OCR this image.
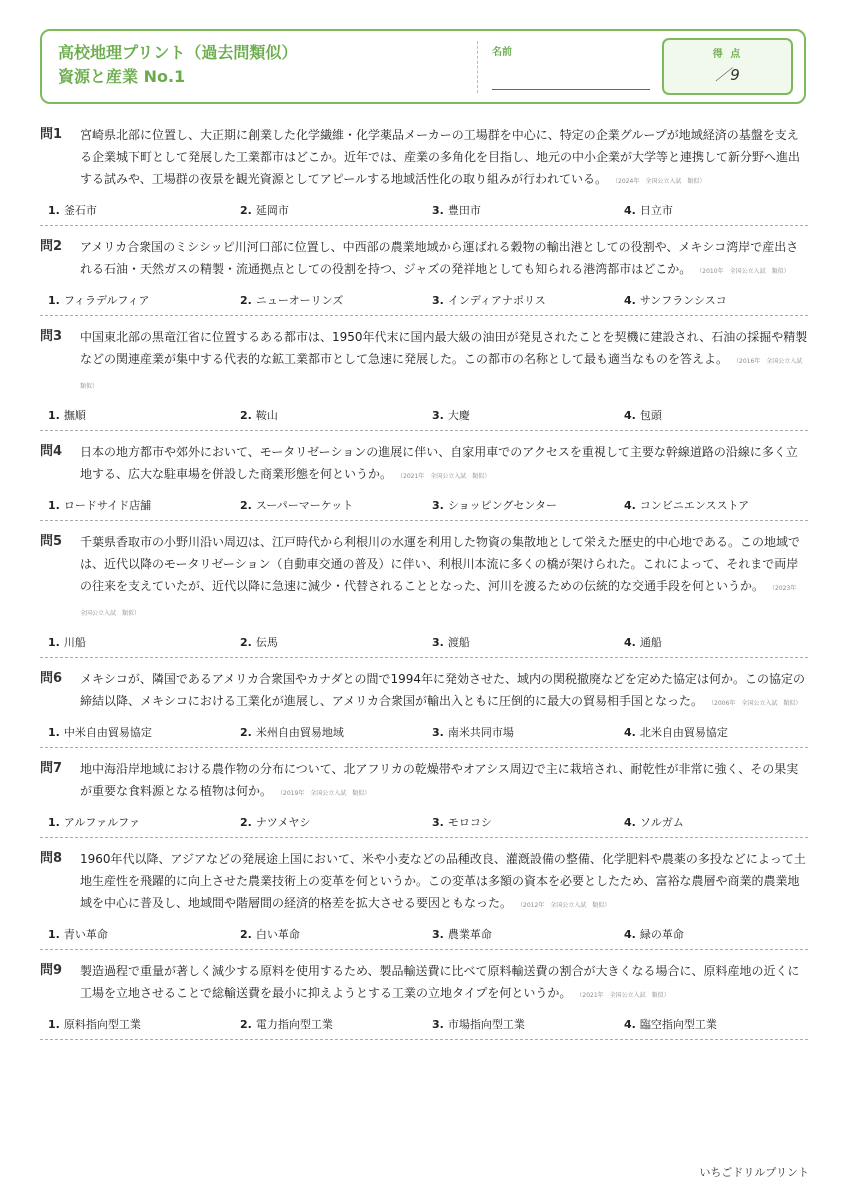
高校地理プリント（過去問類似）
資源と産業 No.1
名前	得 点
／9
問1	宮崎県北部に位置し、大正期に創業した化学繊維・化学薬品メーカーの工場群を中心に、特定の企業グループが地域経済の基盤を支える企業城下町として発展した工業都市はどこか。近年では、産業の多角化を目指し、地元の中小企業が大学等と連携して新分野へ進出する試みや、工場群の夜景を観光資源としてアピールする地域活性化の取り組みが行われている。 （2024年　全国公立入試　類似）
1. 釜石市	2. 延岡市	3. 豊田市	4. 日立市
問2	アメリカ合衆国のミシシッピ川河口部に位置し、中西部の農業地域から運ばれる穀物の輸出港としての役割や、メキシコ湾岸で産出される石油・天然ガスの精製・流通拠点としての役割を持つ、ジャズの発祥地としても知られる港湾都市はどこか。 （2010年　全国公立入試　類似）
1. フィラデルフィア	2. ニューオーリンズ	3. インディアナポリス	4. サンフランシスコ
問3	中国東北部の黒竜江省に位置するある都市は、1950年代末に国内最大級の油田が発見されたことを契機に建設され、石油の採掘や精製などの関連産業が集中する代表的な鉱工業都市として急速に発展した。この都市の名称として最も適当なものを答えよ。 （2016年　全国公立入試　類似）
1. 撫順	2. 鞍山	3. 大慶	4. 包頭
問4	日本の地方都市や郊外において、モータリゼーションの進展に伴い、自家用車でのアクセスを重視して主要な幹線道路の沿線に多く立地する、広大な駐車場を併設した商業形態を何というか。 （2021年　全国公立入試　類似）
1. ロードサイド店舗	2. スーパーマーケット	3. ショッピングセンター	4. コンビニエンスストア
問5	千葉県香取市の小野川沿い周辺は、江戸時代から利根川の水運を利用した物資の集散地として栄えた歴史的中心地である。この地域では、近代以降のモータリゼーション（自動車交通の普及）に伴い、利根川本流に多くの橋が架けられた。これによって、それまで両岸の往来を支えていたが、近代以降に急速に減少・代替されることとなった、河川を渡るための伝統的な交通手段を何というか。 （2023年　全国公立入試　類似）
1. 川船	2. 伝馬	3. 渡船	4. 通船
問6	メキシコが、隣国であるアメリカ合衆国やカナダとの間で1994年に発効させた、域内の関税撤廃などを定めた協定は何か。この協定の締結以降、メキシコにおける工業化が進展し、アメリカ合衆国が輸出入ともに圧倒的に最大の貿易相手国となった。 （2006年　全国公立入試　類似）
1. 中米自由貿易協定	2. 米州自由貿易地域	3. 南米共同市場	4. 北米自由貿易協定
問7	地中海沿岸地域における農作物の分布について、北アフリカの乾燥帯やオアシス周辺で主に栽培され、耐乾性が非常に強く、その果実が重要な食料源となる植物は何か。 （2019年　全国公立入試　類似）
1. アルファルファ	2. ナツメヤシ	3. モロコシ	4. ソルガム
問8	1960年代以降、アジアなどの発展途上国において、米や小麦などの品種改良、灌漑設備の整備、化学肥料や農薬の多投などによって土地生産性を飛躍的に向上させた農業技術上の変革を何というか。この変革は多額の資本を必要としたため、富裕な農層や商業的農業地域を中心に普及し、地域間や階層間の経済的格差を拡大させる要因ともなった。 （2012年　全国公立入試　類似）
1. 青い革命	2. 白い革命	3. 農業革命	4. 緑の革命
問9	製造過程で重量が著しく減少する原料を使用するため、製品輸送費に比べて原料輸送費の割合が大きくなる場合に、原料産地の近くに工場を立地させることで総輸送費を最小に抑えようとする工業の立地タイプを何というか。 （2021年　全国公立入試　類似）
1. 原料指向型工業	2. 電力指向型工業	3. 市場指向型工業	4. 臨空指向型工業
いちごドリルプリント
